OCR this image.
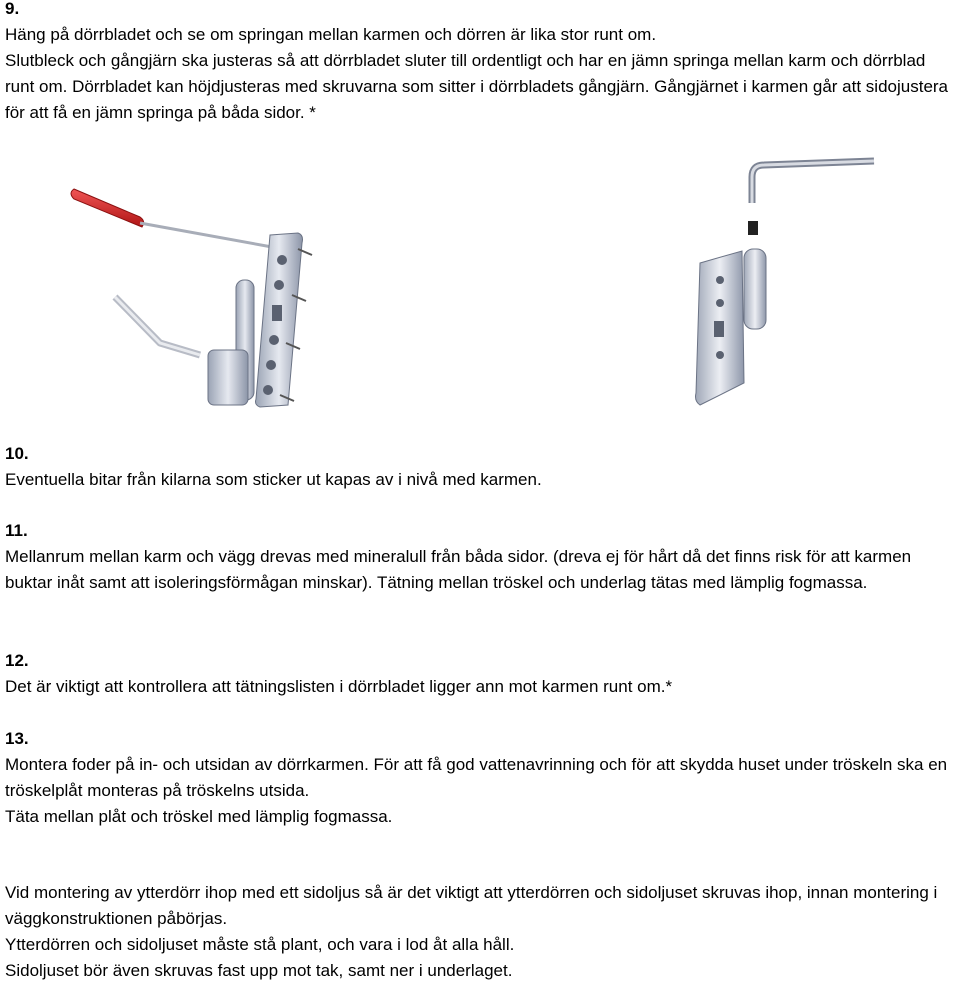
9.

Häng på dörrbladet och se om springan mellan karmen och dörren är lika stor runt om.

Slutbleck och gångjärn ska justeras så att dörrbladet sluter till ordentligt och har en jämn springa mellan karm och dörrblad runt om. Dörrbladet kan höjdjusteras med skruvarna som sitter i dörrbladets gångjärn. Gångjärnet i karmen går att sidojustera för att få en jämn springa på båda sidor. *

10.

Eventuella bitar från kilarna som sticker ut kapas av i nivå med karmen.

11.

Mellanrum mellan karm och vägg drevas med mineralull från båda sidor. (dreva ej för hårt då det finns risk för att karmen buktar inåt samt att isoleringsförmågan minskar). Tätning mellan tröskel och underlag tätas med lämplig fogmassa.

12.

Det är viktigt att kontrollera att tätningslisten i dörrbladet ligger ann mot karmen runt om.*

13.

Montera foder på in- och utsidan av dörrkarmen. För att få god vattenavrinning och för att skydda huset under tröskeln ska en tröskelplåt monteras på tröskelns utsida.

Täta mellan plåt och tröskel med lämplig fogmassa.

Vid montering av ytterdörr ihop med ett sidoljus så är det viktigt att ytterdörren och sidoljuset skruvas ihop, innan montering i väggkonstruktionen påbörjas.

Ytterdörren och sidoljuset måste stå plant, och vara i lod åt alla håll.

Sidoljuset bör även skruvas fast upp mot tak, samt ner i underlaget.
